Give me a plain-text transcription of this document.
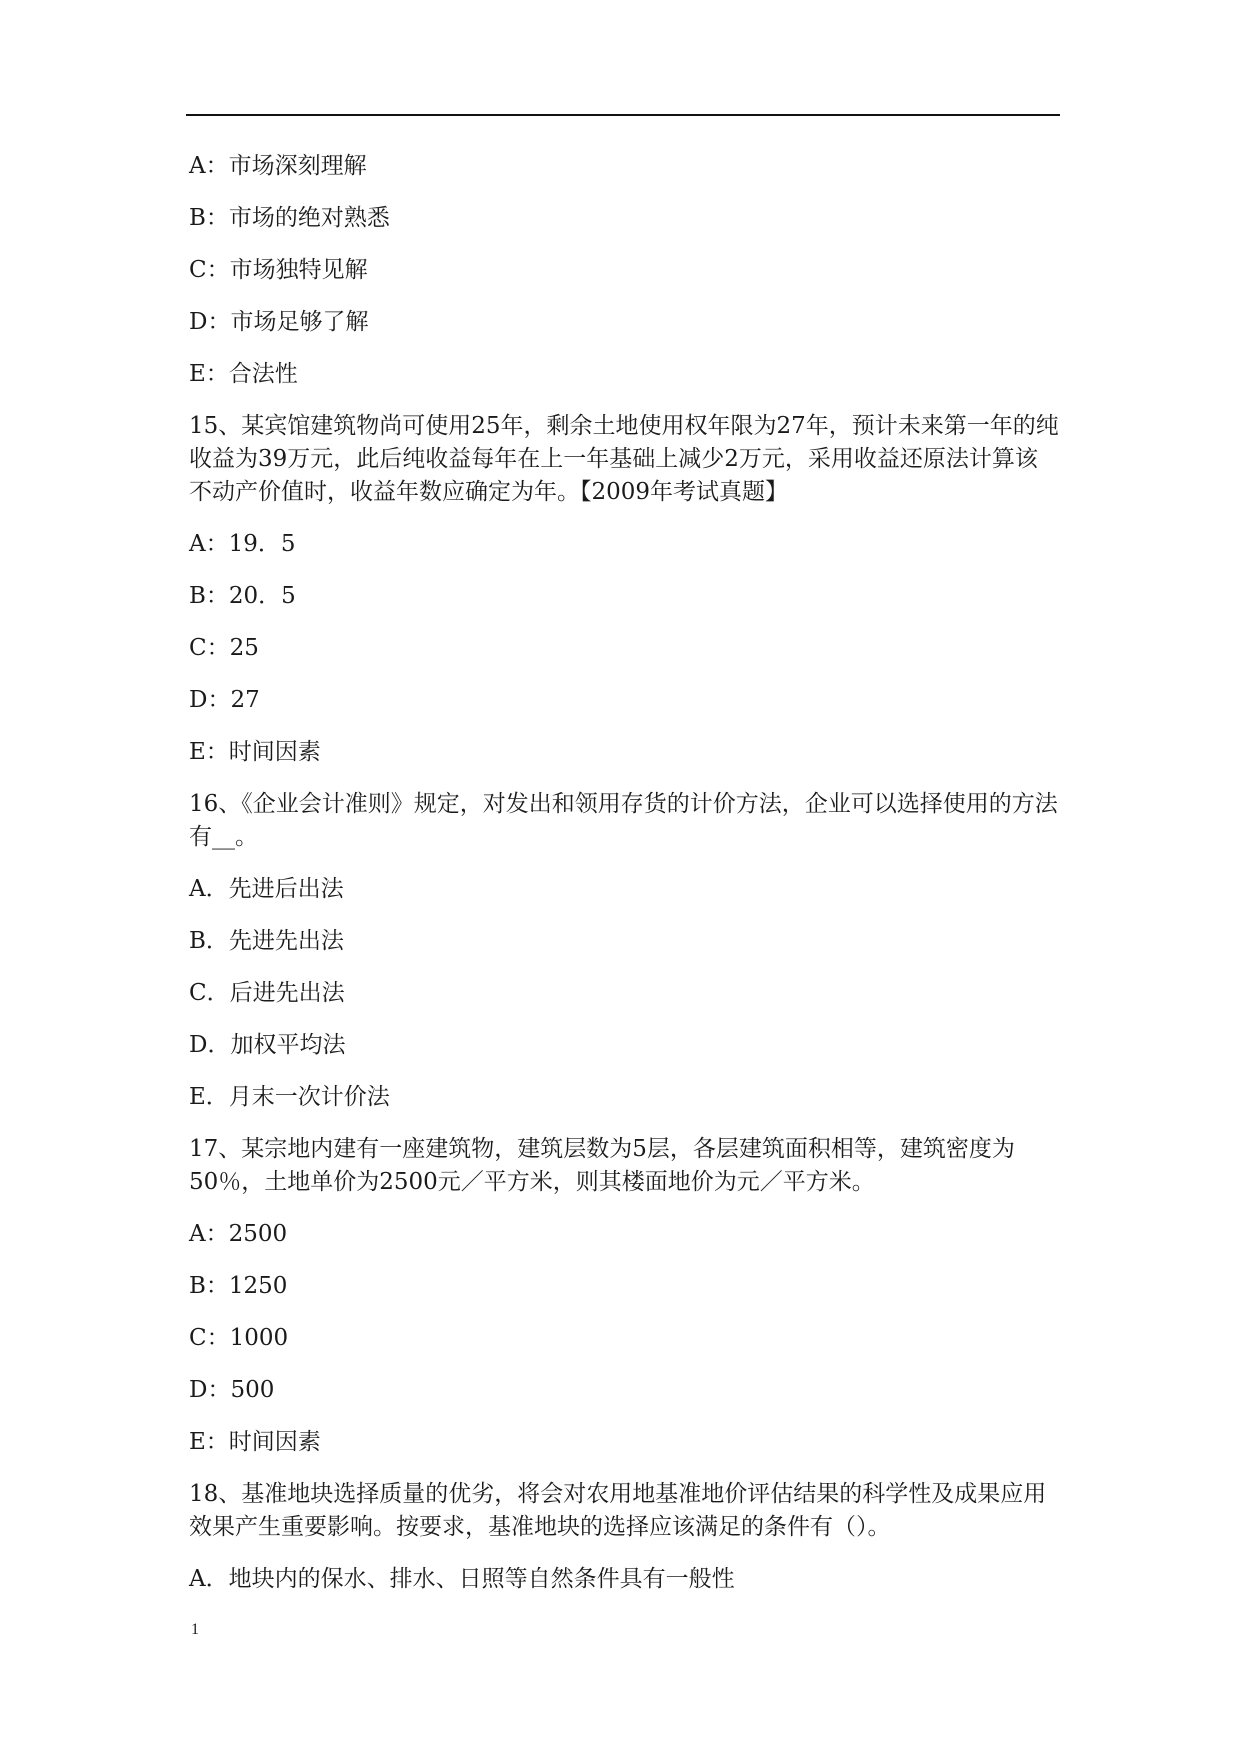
A：市场深刻理解

B：市场的绝对熟悉

C：市场独特见解

D：市场足够了解

E：合法性

15、某宾馆建筑物尚可使用25年，剩余土地使用权年限为27年，预计未来第一年的纯收益为39万元，此后纯收益每年在上一年基础上减少2万元，采用收益还原法计算该不动产价值时，收益年数应确定为年。【2009年考试真题】

A：19．5

B：20．5

C：25

D：27

E：时间因素

16、《企业会计准则》规定，对发出和领用存货的计价方法，企业可以选择使用的方法有__。

A．先进后出法

B．先进先出法

C．后进先出法

D．加权平均法

E．月末一次计价法

17、某宗地内建有一座建筑物，建筑层数为5层，各层建筑面积相等，建筑密度为50％，土地单价为2500元／平方米，则其楼面地价为元／平方米。

A：2500

B：1250

C：1000

D：500

E：时间因素

18、基准地块选择质量的优劣，将会对农用地基准地价评估结果的科学性及成果应用效果产生重要影响。按要求，基准地块的选择应该满足的条件有（）。

A．地块内的保水、排水、日照等自然条件具有一般性

1
